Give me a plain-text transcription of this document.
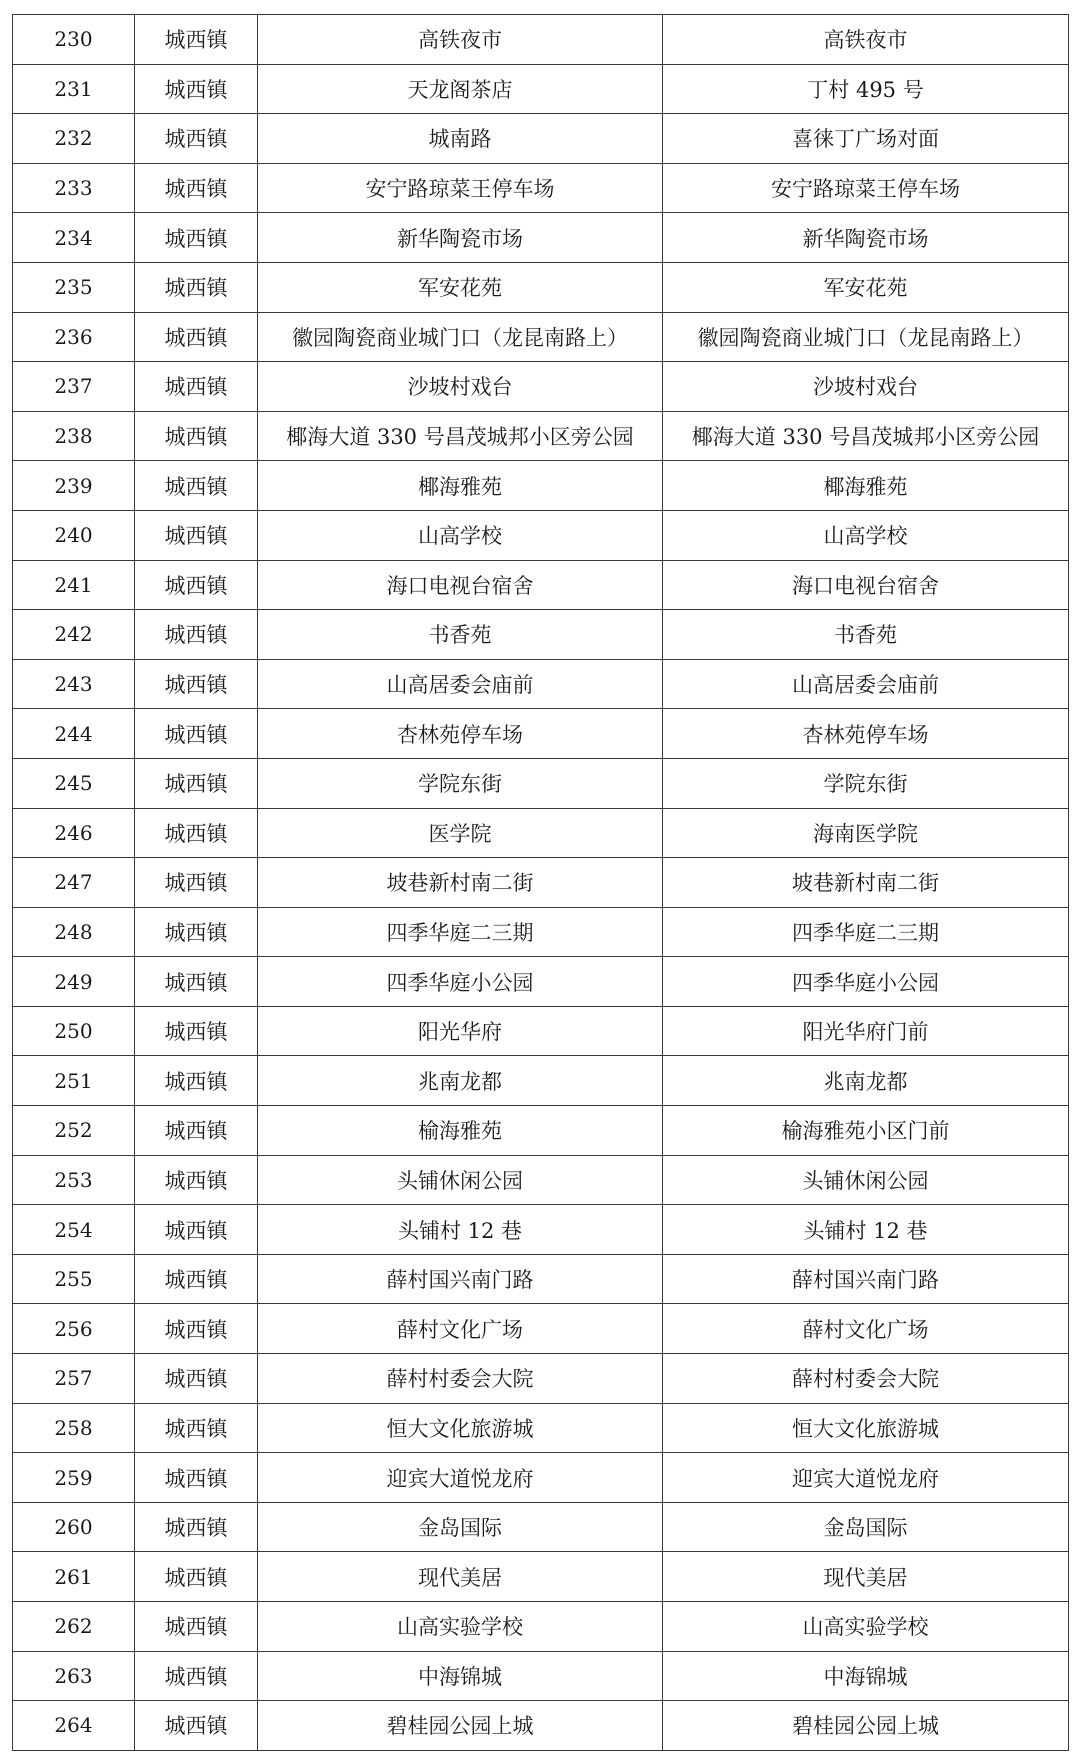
230	城西镇	高铁夜市	高铁夜市
231	城西镇	天龙阁茶店	丁村 495 号
232	城西镇	城南路	喜徕丁广场对面
233	城西镇	安宁路琼菜王停车场	安宁路琼菜王停车场
234	城西镇	新华陶瓷市场	新华陶瓷市场
235	城西镇	军安花苑	军安花苑
236	城西镇	徽园陶瓷商业城门口（龙昆南路上）	徽园陶瓷商业城门口（龙昆南路上）
237	城西镇	沙坡村戏台	沙坡村戏台
238	城西镇	椰海大道 330 号昌茂城邦小区旁公园	椰海大道 330 号昌茂城邦小区旁公园
239	城西镇	椰海雅苑	椰海雅苑
240	城西镇	山高学校	山高学校
241	城西镇	海口电视台宿舍	海口电视台宿舍
242	城西镇	书香苑	书香苑
243	城西镇	山高居委会庙前	山高居委会庙前
244	城西镇	杏林苑停车场	杏林苑停车场
245	城西镇	学院东街	学院东街
246	城西镇	医学院	海南医学院
247	城西镇	坡巷新村南二街	坡巷新村南二街
248	城西镇	四季华庭二三期	四季华庭二三期
249	城西镇	四季华庭小公园	四季华庭小公园
250	城西镇	阳光华府	阳光华府门前
251	城西镇	兆南龙都	兆南龙都
252	城西镇	榆海雅苑	榆海雅苑小区门前
253	城西镇	头铺休闲公园	头铺休闲公园
254	城西镇	头铺村 12 巷	头铺村 12 巷
255	城西镇	薛村国兴南门路	薛村国兴南门路
256	城西镇	薛村文化广场	薛村文化广场
257	城西镇	薛村村委会大院	薛村村委会大院
258	城西镇	恒大文化旅游城	恒大文化旅游城
259	城西镇	迎宾大道悦龙府	迎宾大道悦龙府
260	城西镇	金岛国际	金岛国际
261	城西镇	现代美居	现代美居
262	城西镇	山高实验学校	山高实验学校
263	城西镇	中海锦城	中海锦城
264	城西镇	碧桂园公园上城	碧桂园公园上城
